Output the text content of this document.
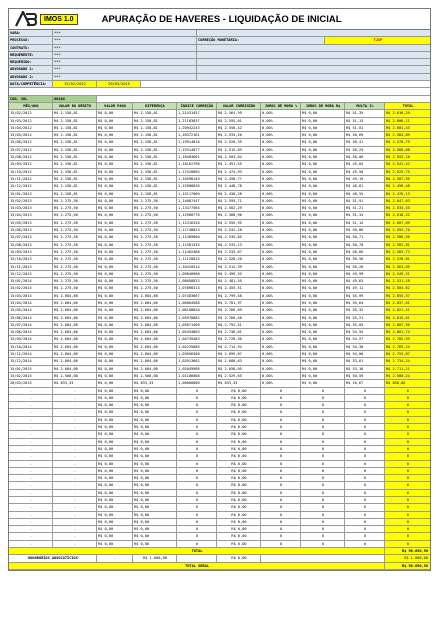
IMOS 1.0	APURAÇÃO DE HAVERES - LIQUIDAÇÃO DE INICIAL
VARA:	***
PROCESSO:	***	CORREÇÃO MONETÁRIA:	TJSP
CONTRATO:	***
REQUERENTE:	***
REQUERIDO:	***
ADVOGADO 1:	***
ADVOGADO 2:	***
DATA/COMPETÊNCIA:	15/02/2012	20/03/2015
COD. SOL	86104
MÊS/ANO	VALOR DO DÉBITO	VALOR PAGO	DIFERENÇA	ÍNDICE CORREÇÃO	VALOR CORRIGIDO	JUROS DE MORA %	JUROS DE MORA R$	MULTA 2%	TOTAL
15/02/2012	R$ 2.158,81	R$ 0,00	R$ 2.158,81	1,21431457	R$ 2.564,99	0,00%	R$ 0,00	R$ 51,35	R$ 2.616,29
15/03/2012	R$ 2.158,81	R$ 0,00	R$ 2.158,81	1,21183837	R$ 2.555,01	0,00%	R$ 0,00	R$ 51,13	R$ 2.606,11
15/04/2012	R$ 2.158,81	R$ 0,00	R$ 2.158,81	1,20942243	R$ 2.550,42	0,00%	R$ 0,00	R$ 51,01	R$ 2.601,43
15/05/2012	R$ 2.158,81	R$ 0,00	R$ 2.158,81	1,20372161	R$ 2.534,20	0,00%	R$ 0,00	R$ 50,69	R$ 2.584,89
15/06/2012	R$ 2.158,81	R$ 0,00	R$ 2.158,81	1,19914816	R$ 2.520,35	0,00%	R$ 0,00	R$ 50,41	R$ 2.570,75
15/07/2012	R$ 2.158,81	R$ 0,00	R$ 2.158,81	1,19314877	R$ 2.515,83	0,00%	R$ 0,00	R$ 50,25	R$ 2.566,08
15/08/2012	R$ 2.158,81	R$ 0,00	R$ 2.158,81	1,18484661	R$ 2.503,04	0,00%	R$ 0,00	R$ 50,06	R$ 2.553,10
15/09/2012	R$ 2.158,81	R$ 0,00	R$ 2.158,81	1,18162798	R$ 2.491,55	0,00%	R$ 0,00	R$ 49,84	R$ 2.541,42
15/10/2012	R$ 2.158,81	R$ 0,00	R$ 2.158,81	1,17420094	R$ 2.474,93	0,00%	R$ 0,00	R$ 49,50	R$ 2.525,75
15/11/2012	R$ 2.158,81	R$ 0,00	R$ 2.158,81	1,16598149	R$ 2.458,77	0,00%	R$ 0,00	R$ 49,19	R$ 2.507,95
15/12/2012	R$ 2.158,81	R$ 0,00	R$ 2.158,81	1,15988836	R$ 2.448,78	0,00%	R$ 0,00	R$ 48,81	R$ 2.496,48
15/01/2013	R$ 2.158,81	R$ 0,00	R$ 2.158,81	1,15117060	R$ 2.430,28	0,00%	R$ 0,00	R$ 48,55	R$ 2.476,13
15/02/2013	R$ 2.275,50	R$ 0,00	R$ 2.275,50	1,14087447	R$ 2.595,71	0,00%	R$ 0,00	R$ 51,91	R$ 2.647,63
15/03/2013	R$ 2.275,50	R$ 0,00	R$ 2.275,50	1,13477564	R$ 2.582,29	0,00%	R$ 0,00	R$ 51,21	R$ 2.633,55
15/04/2013	R$ 2.275,50	R$ 0,00	R$ 2.275,50	1,12900776	R$ 2.568,90	0,00%	R$ 0,00	R$ 51,34	R$ 2.618,22
15/05/2013	R$ 2.275,50	R$ 0,00	R$ 2.275,50	1,12316320	R$ 2.555,95	0,00%	R$ 0,00	R$ 51,14	R$ 2.607,09
15/06/2013	R$ 2.275,50	R$ 0,00	R$ 2.275,50	1,11748023	R$ 2.542,28	0,00%	R$ 0,00	R$ 50,86	R$ 2.593,70
15/07/2013	R$ 2.275,50	R$ 0,00	R$ 2.275,50	1,11489860	R$ 2.535,85	0,00%	R$ 0,00	R$ 50,71	R$ 2.586,56
15/08/2013	R$ 2.275,50	R$ 0,00	R$ 2.275,50	1,11581335	R$ 2.533,13	0,00%	R$ 0,00	R$ 50,70	R$ 2.583,81
15/09/2013	R$ 2.275,50	R$ 0,00	R$ 2.275,50	1,11402468	R$ 2.533,07	0,00%	R$ 0,00	R$ 50,66	R$ 2.583,73
15/10/2013	R$ 2.275,50	R$ 0,00	R$ 2.275,50	1,11120815	R$ 2.528,20	0,00%	R$ 0,00	R$ 50,56	R$ 2.578,81
15/11/2013	R$ 2.275,50	R$ 0,00	R$ 2.275,50	1,10420314	R$ 2.512,39	0,00%	R$ 0,00	R$ 50,26	R$ 2.563,05
15/12/2013	R$ 2.275,50	R$ 0,00	R$ 2.275,50	1,09840968	R$ 2.499,33	0,00%	R$ 0,00	R$ 49,99	R$ 2.549,31
15/01/2014	R$ 2.275,50	R$ 0,00	R$ 2.275,50	1,08058833	R$ 2.481,55	0,00%	R$ 0,00	R$ 49,63	R$ 2.531,18
15/02/2014	R$ 2.275,50	R$ 0,00	R$ 2.275,50	1,07898313	R$ 2.455,51	0,00%	R$ 0,00	R$ 49,11	R$ 2.504,62
15/03/2014	R$ 2.604,66	R$ 0,00	R$ 2.604,66	1,07483667	R$ 2.799,58	0,00%	R$ 0,00	R$ 55,99	R$ 2.855,57
15/04/2014	R$ 2.604,66	R$ 0,00	R$ 2.604,66	1,06804568	R$ 2.781,97	0,00%	R$ 0,00	R$ 55,64	R$ 2.837,61
15/05/2014	R$ 2.604,66	R$ 0,00	R$ 2.604,66	1,06188820	R$ 2.766,09	0,00%	R$ 0,00	R$ 55,32	R$ 2.821,41
15/06/2014	R$ 2.604,66	R$ 0,00	R$ 2.604,66	1,05978882	R$ 2.760,40	0,00%	R$ 0,00	R$ 55,21	R$ 2.815,61
15/07/2014	R$ 2.604,66	R$ 0,00	R$ 2.604,66	1,05671409	R$ 2.752,51	0,00%	R$ 0,00	R$ 55,05	R$ 2.807,56
15/08/2014	R$ 2.604,66	R$ 0,00	R$ 2.604,66	1,05454803	R$ 2.746,81	0,00%	R$ 0,00	R$ 54,94	R$ 2.801,74
15/09/2014	R$ 2.604,66	R$ 0,00	R$ 2.604,66	1,04749483	R$ 2.728,36	0,00%	R$ 0,00	R$ 54,57	R$ 2.782,93
15/10/2014	R$ 2.604,66	R$ 0,00	R$ 2.604,66	1,04235085	R$ 2.714,94	0,00%	R$ 0,00	R$ 54,30	R$ 2.769,24
15/11/2014	R$ 2.604,66	R$ 0,00	R$ 2.604,66	1,03656300	R$ 2.699,87	0,00%	R$ 0,00	R$ 54,00	R$ 2.753,87
15/12/2014	R$ 2.604,66	R$ 0,00	R$ 2.604,66	1,02913662	R$ 2.680,63	0,00%	R$ 0,00	R$ 53,61	R$ 2.734,24
15/01/2015	R$ 2.604,66	R$ 0,00	R$ 2.604,66	1,02049986	R$ 2.658,05	0,00%	R$ 0,00	R$ 53,16	R$ 2.711,21
15/02/2015	R$ 2.500,00	R$ 0,00	R$ 2.500,00	1,01186088	R$ 2.529,65	0,00%	R$ 0,00	R$ 50,59	R$ 2.580,24
20/03/2015	R$ 833,33	R$ 0,00	R$ 833,33	1,00000000	R$ 833,33	0,00%	R$ 0,00	R$ 16,67	R$ 850,00
-	-	R$ 0,00	R$ 0,00	0	R$ 0,00	0	0	0	0
-	-	R$ 0,00	R$ 0,00	0	R$ 0,00	0	0	0	0
-	-	R$ 0,00	R$ 0,00	0	R$ 0,00	0	0	0	0
-	-	R$ 0,00	R$ 0,00	0	R$ 0,00	0	0	0	0
-	-	R$ 0,00	R$ 0,00	0	R$ 0,00	0	0	0	0
-	-	R$ 0,00	R$ 0,00	0	R$ 0,00	0	0	0	0
-	-	R$ 0,00	R$ 0,00	0	R$ 0,00	0	0	0	0
-	-	R$ 0,00	R$ 0,00	0	R$ 0,00	0	0	0	0
-	-	R$ 0,00	R$ 0,00	0	R$ 0,00	0	0	0	0
-	-	R$ 0,00	R$ 0,00	0	R$ 0,00	0	0	0	0
-	-	R$ 0,00	R$ 0,00	0	R$ 0,00	0	0	0	0
-	-	R$ 0,00	R$ 0,00	0	R$ 0,00	0	0	0	0
-	-	R$ 0,00	R$ 0,00	0	R$ 0,00	0	0	0	0
-	-	R$ 0,00	R$ 0,00	0	R$ 0,00	0	0	0	0
-	-	R$ 0,00	R$ 0,00	0	R$ 0,00	0	0	0	0
-	-	R$ 0,00	R$ 0,00	0	R$ 0,00	0	0	0	0
-	-	R$ 0,00	R$ 0,00	0	R$ 0,00	0	0	0	0
-	-	R$ 0,00	R$ 0,00	0	R$ 0,00	0	0	0	0
-	-	R$ 0,00	R$ 0,00	0	R$ 0,00	0	0	0	0
-	-	R$ 0,00	R$ 0,00	0	R$ 0,00	0	0	0	0
-	-	R$ 0,00	R$ 0,00	0	R$ 0,00	0	0	0	0
-	-	R$ 0,00	R$ 0,00	0	R$ 0,00	0	0	0	0
TOTAL	R$ 96.690,50
HONORÁRIOS ADVOCATÍCIOS	-	R$ 1.000,00	R$ 0,00	R$ 1.000,00
TOTAL GERAL	R$ 96.690,50
